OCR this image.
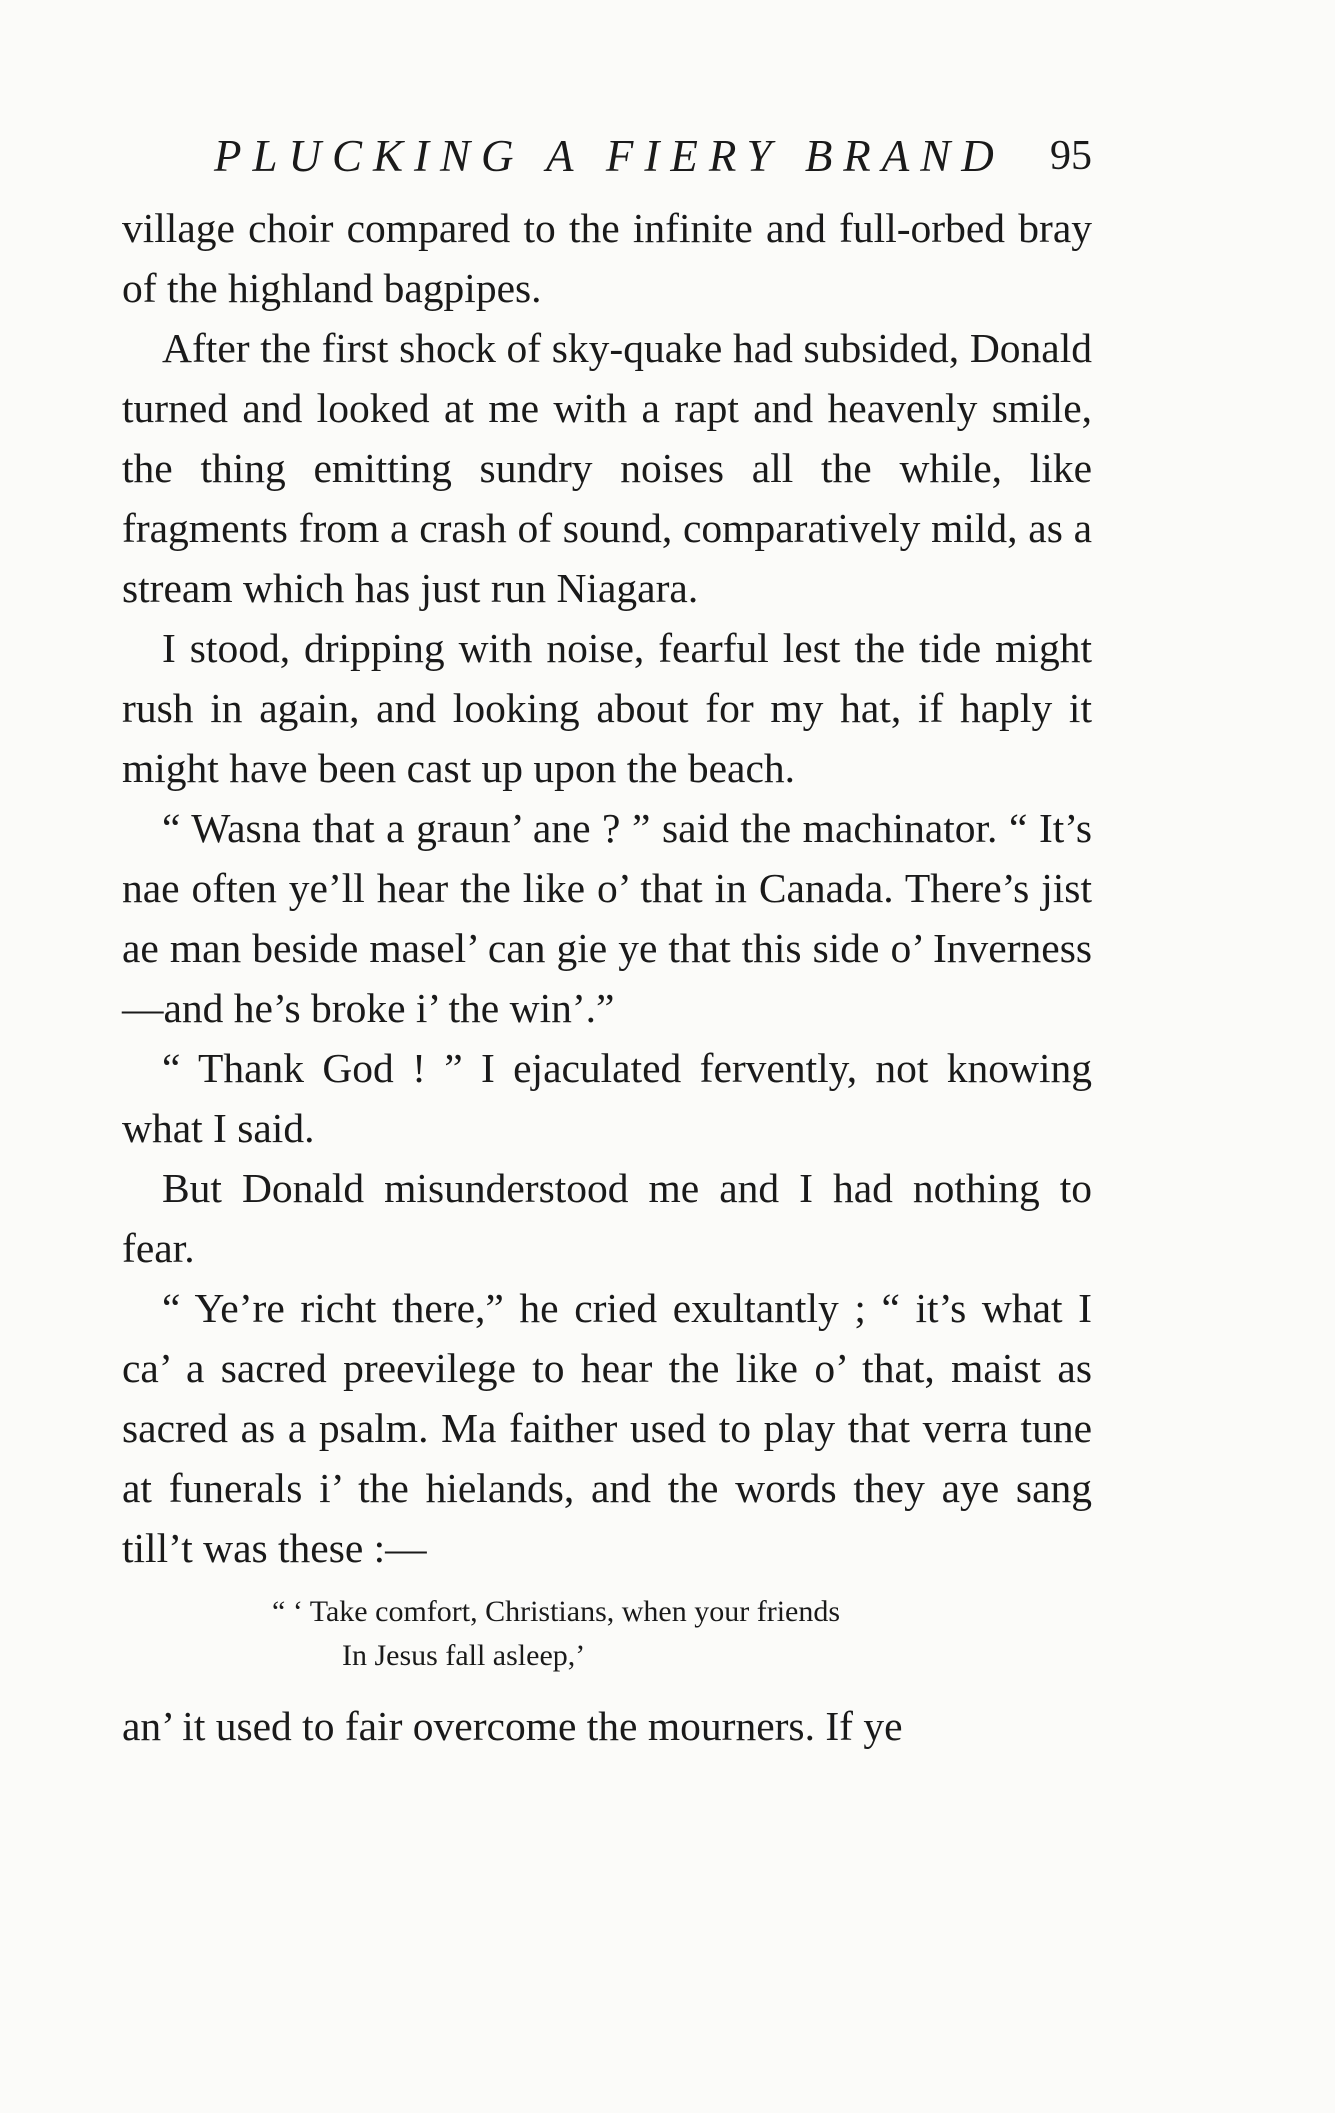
PLUCKING A FIERY BRAND 95

village choir compared to the infinite and full-orbed bray of the highland bagpipes.

After the first shock of sky-quake had subsided, Donald turned and looked at me with a rapt and heavenly smile, the thing emitting sundry noises all the while, like fragments from a crash of sound, comparatively mild, as a stream which has just run Niagara.

I stood, dripping with noise, fearful lest the tide might rush in again, and looking about for my hat, if haply it might have been cast up upon the beach.

“ Wasna that a graun’ ane ? ” said the machinator. “ It’s nae often ye’ll hear the like o’ that in Canada. There’s jist ae man beside masel’ can gie ye that this side o’ Inverness—and he’s broke i’ the win’.”

“ Thank God ! ” I ejaculated fervently, not knowing what I said.

But Donald misunderstood me and I had nothing to fear.

“ Ye’re richt there,” he cried exultantly ; “ it’s what I ca’ a sacred preevilege to hear the like o’ that, maist as sacred as a psalm. Ma faither used to play that verra tune at funerals i’ the hielands, and the words they aye sang till’t was these :—

“ ‘ Take comfort, Christians, when your friends
In Jesus fall asleep,’

an’ it used to fair overcome the mourners. If ye
